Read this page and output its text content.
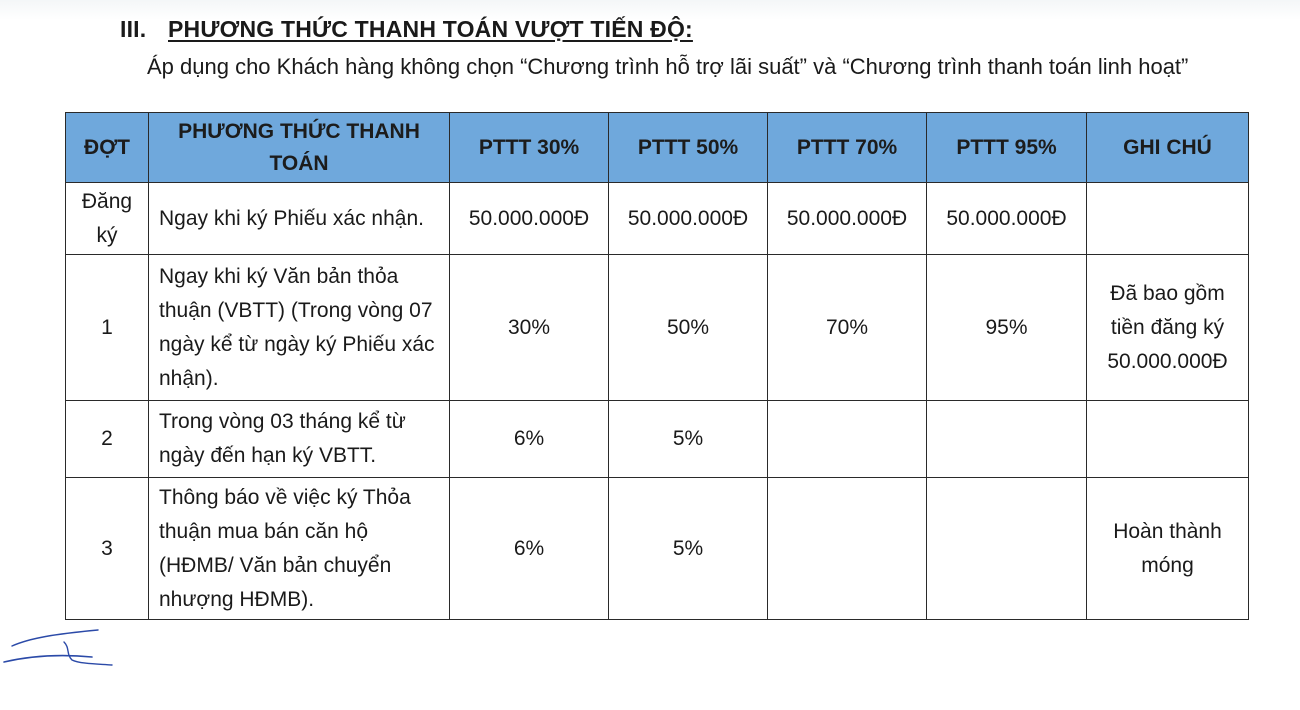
III. PHƯƠNG THỨC THANH TOÁN VƯỢT TIẾN ĐỘ:
Áp dụng cho Khách hàng không chọn “Chương trình hỗ trợ lãi suất” và “Chương trình thanh toán linh hoạt”
ĐỢT	PHƯƠNG THỨC THANH TOÁN	PTTT 30%	PTTT 50%	PTTT 70%	PTTT 95%	GHI CHÚ
Đăng ký	Ngay khi ký Phiếu xác nhận.	50.000.000Đ	50.000.000Đ	50.000.000Đ	50.000.000Đ	
1	Ngay khi ký Văn bản thỏa thuận (VBTT) (Trong vòng 07 ngày kể từ ngày ký Phiếu xác nhận).	30%	50%	70%	95%	Đã bao gồm tiền đăng ký 50.000.000Đ
2	Trong vòng 03 tháng kể từ ngày đến hạn ký VBTT.	6%	5%			
3	Thông báo về việc ký Thỏa thuận mua bán căn hộ (HĐMB/ Văn bản chuyển nhượng HĐMB).	6%	5%			Hoàn thành móng
